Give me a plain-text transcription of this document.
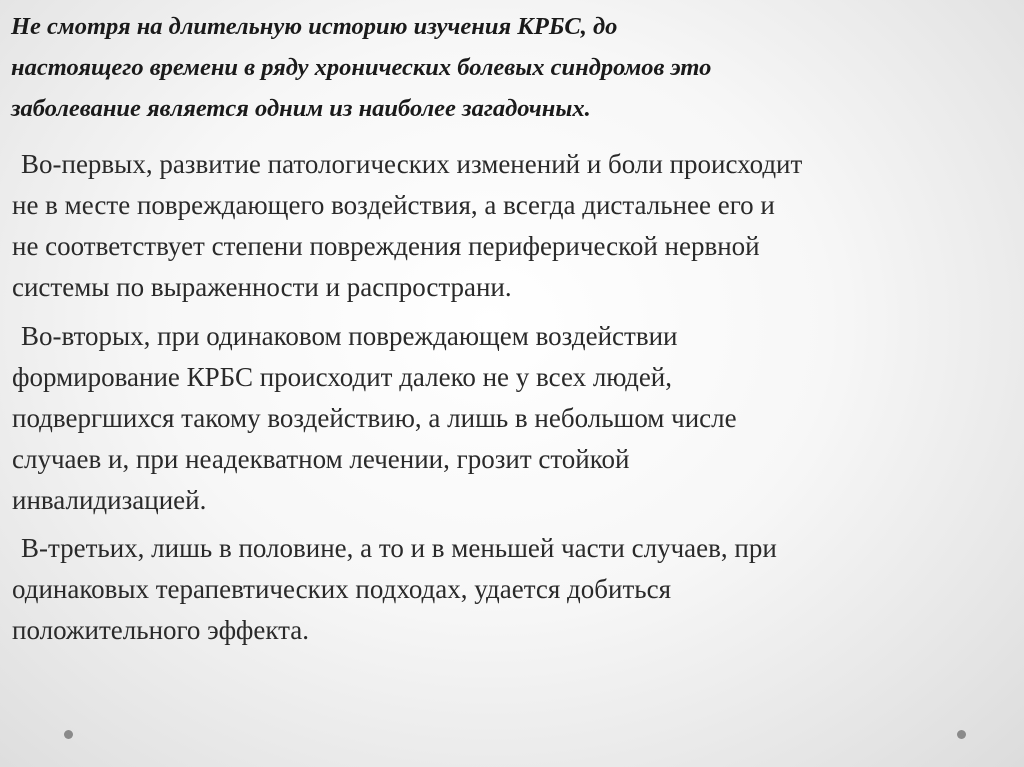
Не смотря на длительную историю изучения КРБС, до
настоящего времени в ряду хронических болевых синдромов это
заболевание является одним из наиболее загадочных.

Во-первых, развитие патологических изменений и боли происходит
не в месте повреждающего воздействия, а всегда дистальнее его и
не соответствует степени повреждения периферической нервной
системы по выраженности и распространи.

Во-вторых, при одинаковом повреждающем воздействии
формирование КРБС происходит далеко не у всех людей,
подвергшихся такому воздействию, а лишь в небольшом числе
случаев и, при неадекватном лечении, грозит стойкой
инвалидизацией.

В-третьих, лишь в половине, а то и в меньшей части случаев, при
одинаковых терапевтических подходах, удается добиться
положительного эффекта.
